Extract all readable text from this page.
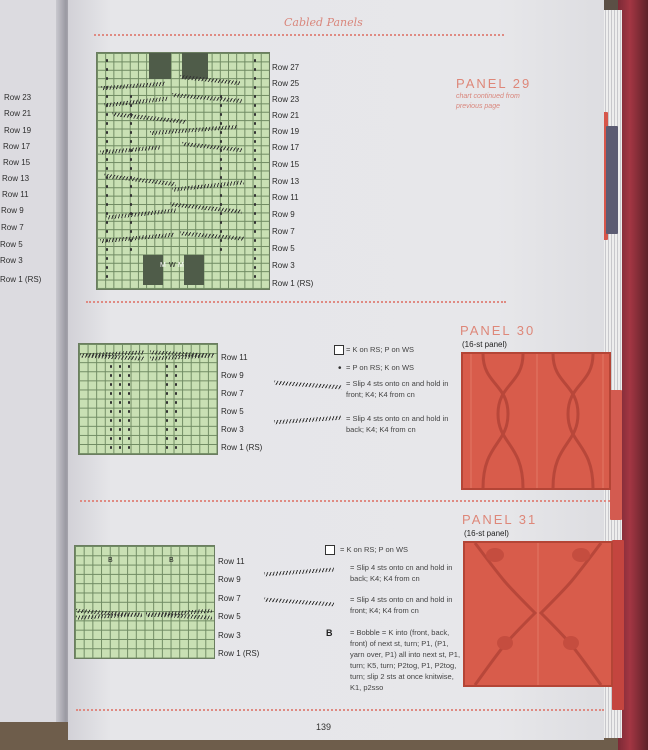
Row 23
Row 21
Row 19
Row 17
Row 15
Row 13
Row 11
Row 9
Row 7
Row 5
Row 3
Row 1 (RS)
Cabled Panels
M W M
Row 27
Row 25
Row 23
Row 21
Row 19
Row 17
Row 15
Row 13
Row 11
Row 9
Row 7
Row 5
Row 3
Row 1 (RS)
PANEL 29
chart continued from previous page
Row 11
Row 9
Row 7
Row 5
Row 3
Row 1 (RS)
= K on RS; P on WS
• = P on RS; K on WS
= Slip 4 sts onto cn and hold in front; K4; K4 from cn
= Slip 4 sts onto cn and hold in back; K4; K4 from cn
PANEL 30
(16-st panel)
B	B	Row 11
Row 9
Row 7
Row 5
Row 3
Row 1 (RS)
= K on RS; P on WS
= Slip 4 sts onto cn and hold in back; K4; K4 from cn
= Slip 4 sts onto cn and hold in front; K4; K4 from cn
B = Bobble = K into (front, back, front) of next st, turn; P1, (P1, yarn over, P1) all into next st, P1, turn; K5, turn; P2tog, P1, P2tog, turn; slip 2 sts at once knitwise, K1, p2sso
PANEL 31
(16-st panel)
139
